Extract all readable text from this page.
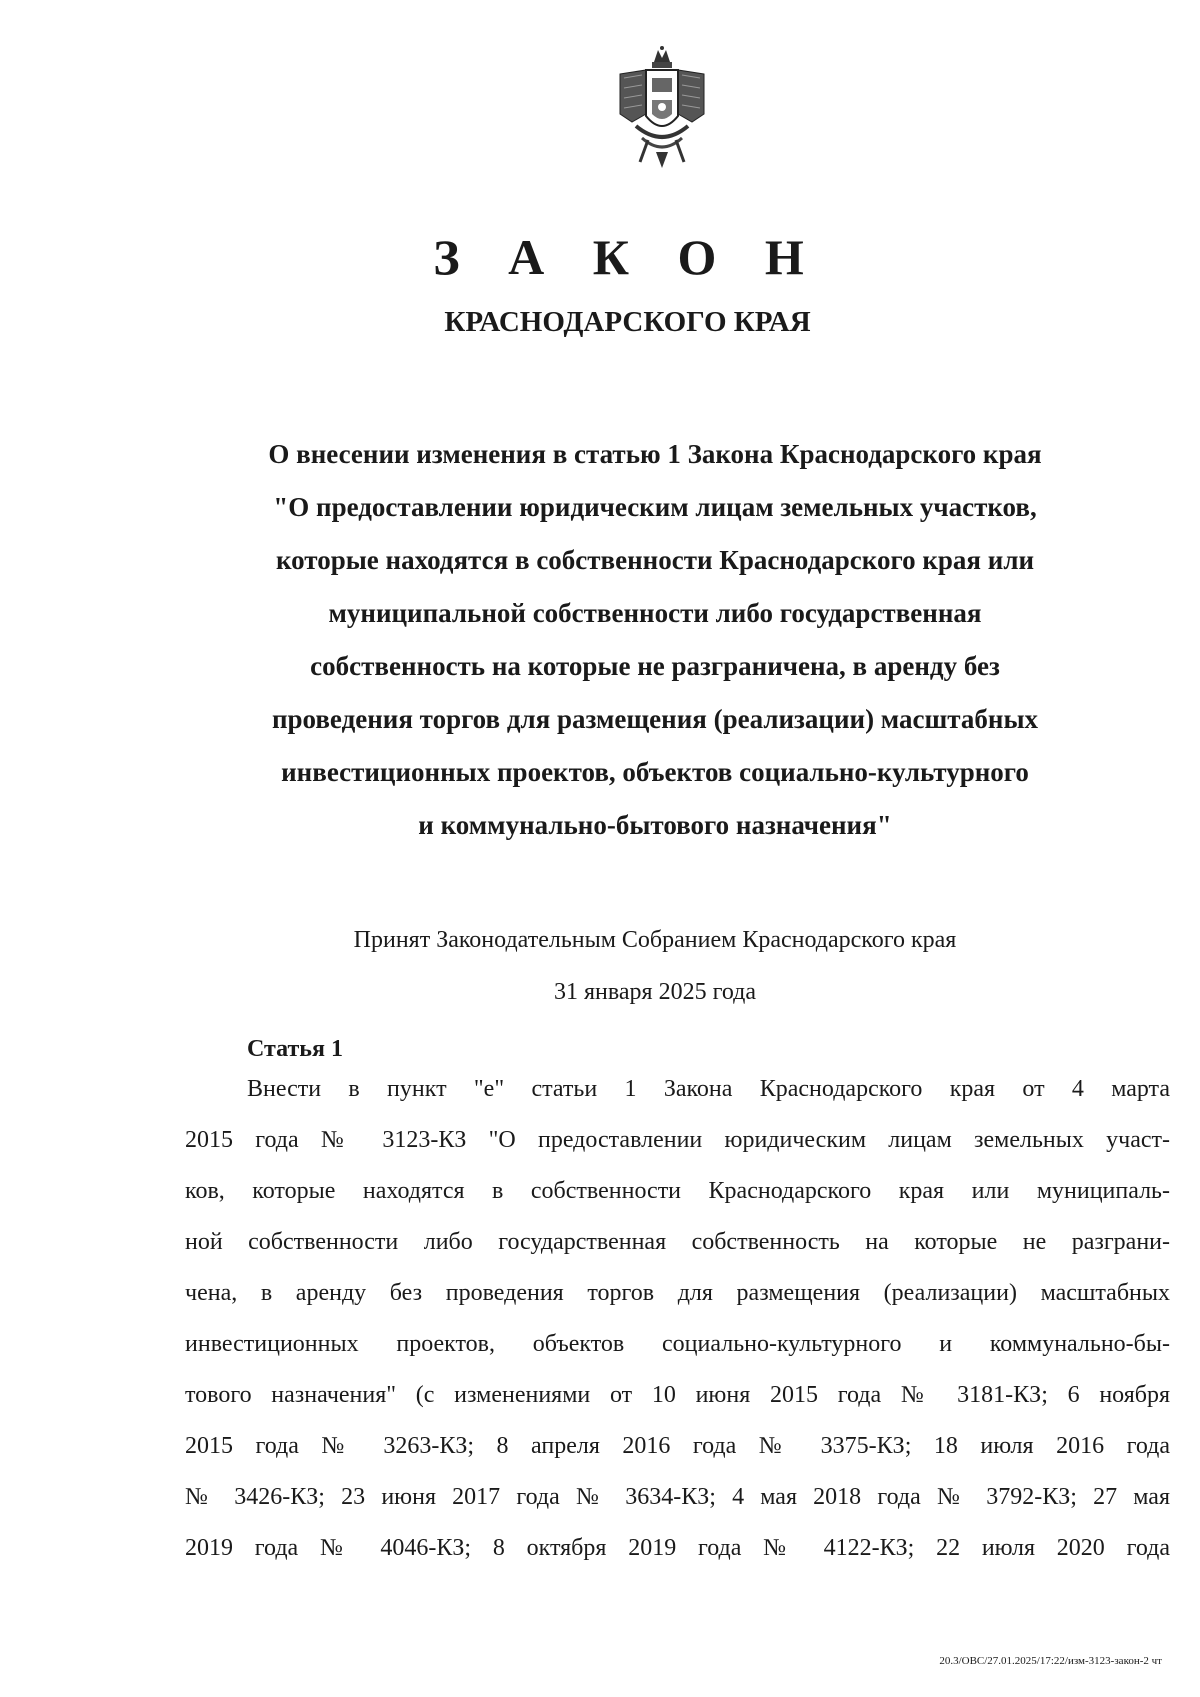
З А К О Н
КРАСНОДАРСКОГО КРАЯ
О внесении изменения в статью 1 Закона Краснодарского края
"О предоставлении юридическим лицам земельных участков,
которые находятся в собственности Краснодарского края или
муниципальной собственности либо государственная
собственность на которые не разграничена, в аренду без
проведения торгов для размещения (реализации) масштабных
инвестиционных проектов, объектов социально-культурного
и коммунально-бытового назначения"
Принят Законодательным Собранием Краснодарского края
31 января 2025 года
Статья 1
Внести в пункт "е" статьи 1 Закона Краснодарского края от 4 марта
2015 года № 3123-КЗ "О предоставлении юридическим лицам земельных участ-
ков, которые находятся в собственности Краснодарского края или муниципаль-
ной собственности либо государственная собственность на которые не разграни-
чена, в аренду без проведения торгов для размещения (реализации) масштабных
инвестиционных проектов, объектов социально-культурного и коммунально-бы-
тового назначения" (с изменениями от 10 июня 2015 года № 3181-КЗ; 6 ноября
2015 года № 3263-КЗ; 8 апреля 2016 года № 3375-КЗ; 18 июля 2016 года
№ 3426-КЗ; 23 июня 2017 года № 3634-КЗ; 4 мая 2018 года № 3792-КЗ; 27 мая
2019 года № 4046-КЗ; 8 октября 2019 года № 4122-КЗ; 22 июля 2020 года
20.3/ОВС/27.01.2025/17:22/изм-3123-закон-2 чт
